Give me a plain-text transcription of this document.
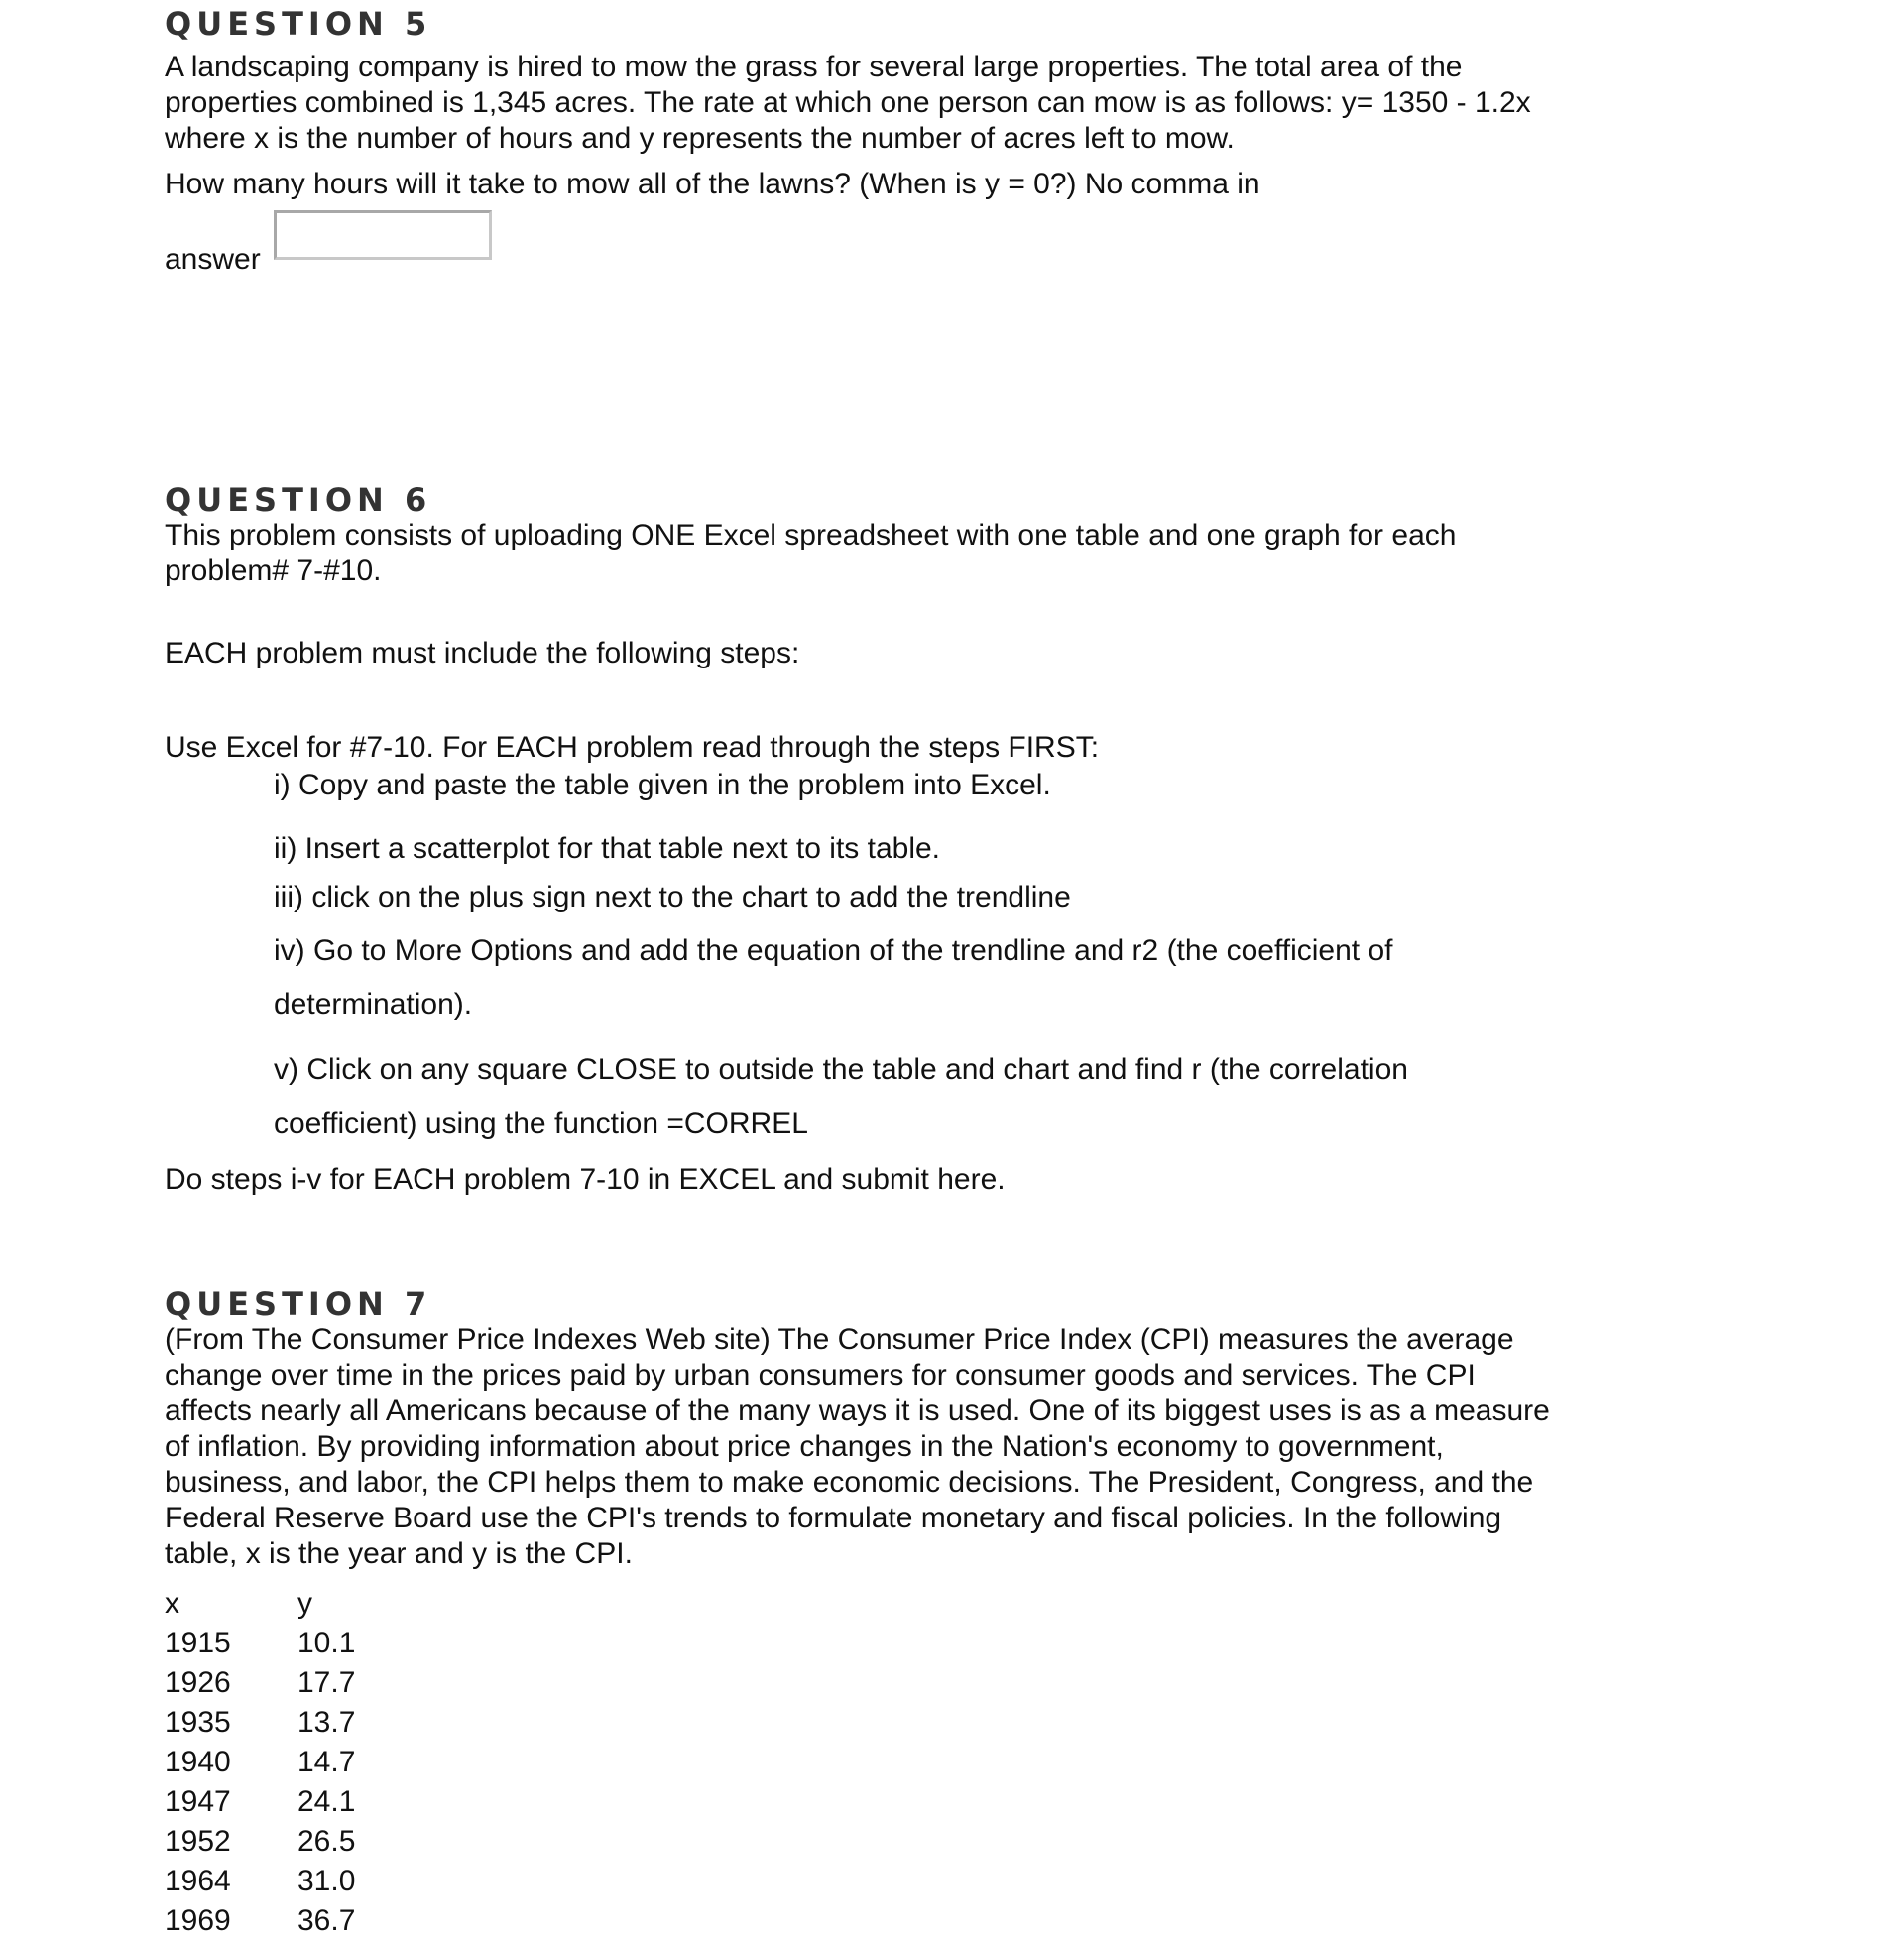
QUESTION 5

A landscaping company is hired to mow the grass for several large properties. The total area of the

properties combined is 1,345 acres. The rate at which one person can mow is as follows: y= 1350 - 1.2x

where x is the number of hours and y represents the number of acres left to mow.

How many hours will it take to mow all of the lawns? (When is y = 0?) No comma in

answer
QUESTION 6

This problem consists of uploading ONE Excel spreadsheet with one table and one graph for each

problem# 7-#10.

EACH problem must include the following steps:

Use Excel for #7-10. For EACH problem read through the steps FIRST:

i) Copy and paste the table given in the problem into Excel.

ii) Insert a scatterplot for that table next to its table.

iii) click on the plus sign next to the chart to add the trendline

iv) Go to More Options and add the equation of the trendline and r2 (the coefficient of

determination).

v) Click on any square CLOSE to outside the table and chart and find r (the correlation

coefficient) using the function =CORREL

Do steps i-v for EACH problem 7-10 in EXCEL and submit here.

QUESTION 7

(From The Consumer Price Indexes Web site) The Consumer Price Index (CPI) measures the average

change over time in the prices paid by urban consumers for consumer goods and services. The CPI

affects nearly all Americans because of the many ways it is used. One of its biggest uses is as a measure

of inflation. By providing information about price changes in the Nation's economy to government,

business, and labor, the CPI helps them to make economic decisions. The President, Congress, and the

Federal Reserve Board use the CPI's trends to formulate monetary and fiscal policies. In the following

table, x is the year and y is the CPI.

x	y
1915	10.1
1926	17.7
1935	13.7
1940	14.7
1947	24.1
1952	26.5
1964	31.0
1969	36.7
